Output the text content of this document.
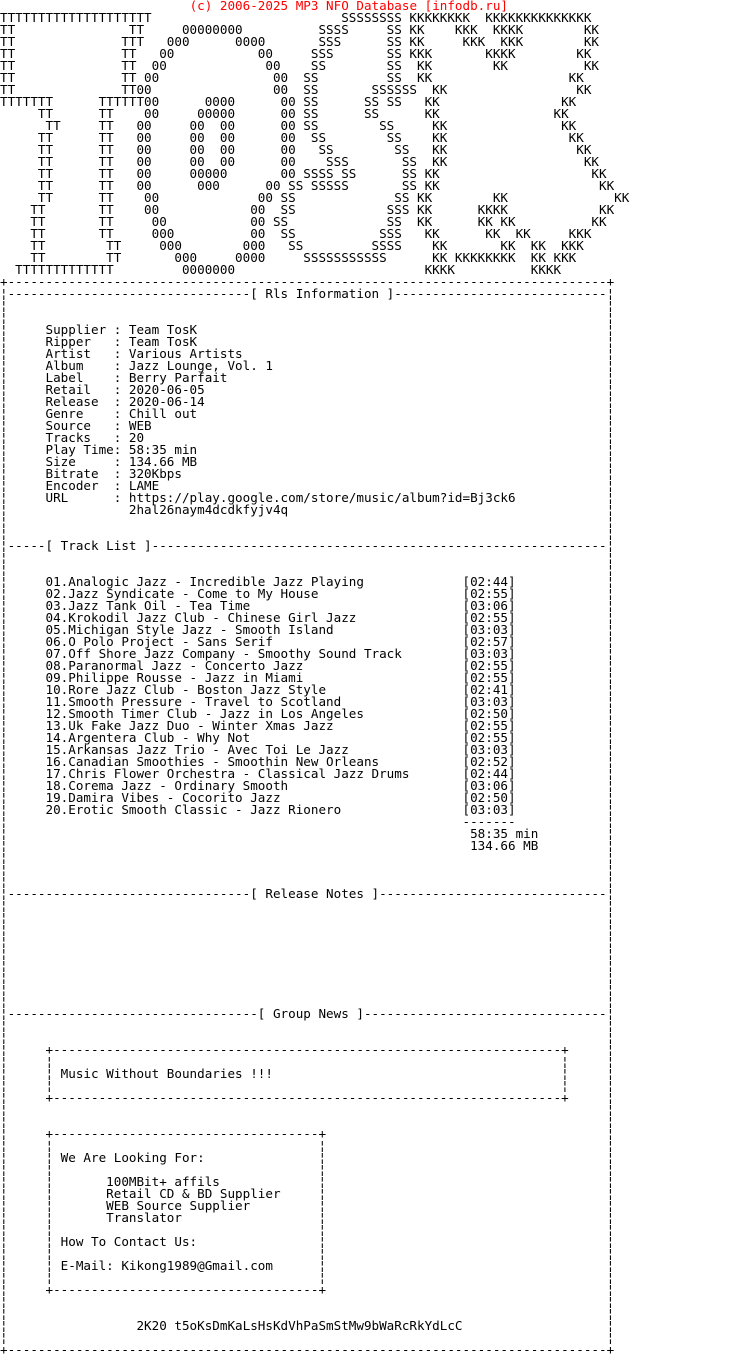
(c) 2006-2025 MP3 NFO Database [infodb.ru]
TTTTTTTTTTTTTTTTTTTT                         SSSSSSSS KKKKKKKK  KKKKKKKKKKKKKK
TT               TT     00000000          SSSS     SS KK    KKK  KKKK        KK
TT              TTT   000      0000       SSS      SS KK     KKK  KKK        KK
TT              TT   00           00     SSS       SS KKK       KKKK        KK
TT              TT  00             00    SS        SS  KK        KK          KK
TT              TT 00               00  SS         SS  KK                  KK
TT              TT00                00  SS       SSSSSS  KK                 KK
TTTTTTT      TTTTTT00      0000      00 SS      SS SS   KK                KK
TT      TT    00     00000      00 SS      SS      KK               KK
TT     TT   00     00  00      00 SS        SS     KK               KK
TT      TT   00     00  00      00  SS        SS    KK                KK
TT      TT   00     00  00      00   SS        SS   KK                 KK
TT      TT   00     00  00      00    SSS       SS  KK                  KK
TT      TT   00     00000       00 SSSS SS      SS KK                    KK
TT      TT   00      000      00 SS SSSSS       SS KK                     KK
TT      TT    00             00 SS             SS KK        KK              KK
TT       TT    00            00  SS            SSS KK      KKKK            KK
TT       TT     00           00 SS             SS  KK      KK KK          KK
TT       TT     000          00  SS           SSS   KK      KK  KK     KKK
TT        TT     000        000   SS         SSSS    KK       KK  KK  KKK
TT        TT       000     0000     SSSSSSSSSSS      KK KKKKKKKK  KK KKK
TTTTTTTTTTTTT         0000000                         KKKK          KKKK
+-------------------------------------------------------------------------------+
¦--------------------------------[ Rls Information ]----------------------------¦
¦                                                                               ¦
¦                                                                               ¦
¦     Supplier : Team TosK                                                      ¦
¦     Ripper   : Team TosK                                                      ¦
¦     Artist   : Various Artists                                                ¦
¦     Album    : Jazz Lounge, Vol. 1                                            ¦
¦     Label    : Berry Parfait                                                  ¦
¦     Retail   : 2020-06-05                                                     ¦
¦     Release  : 2020-06-14                                                     ¦
¦     Genre    : Chill out                                                      ¦
¦     Source   : WEB                                                            ¦
¦     Tracks   : 20                                                             ¦
¦     Play Time: 58:35 min                                                      ¦
¦     Size     : 134.66 MB                                                      ¦
¦     Bitrate  : 320Kbps                                                        ¦
¦     Encoder  : LAME                                                           ¦
¦     URL      : https://play.google.com/store/music/album?id=Bj3ck6            ¦
¦                2hal26naym4dcdkfyjv4q                                          ¦
¦                                                                               ¦
¦                                                                               ¦
¦-----[ Track List ]------------------------------------------------------------¦
¦                                                                               ¦
¦                                                                               ¦
¦     01.Analogic Jazz - Incredible Jazz Playing             [02:44]            ¦
¦     02.Jazz Syndicate - Come to My House                   [02:55]            ¦
¦     03.Jazz Tank Oil - Tea Time                            [03:06]            ¦
¦     04.Krokodil Jazz Club - Chinese Girl Jazz              [02:55]            ¦
¦     05.Michigan Style Jazz - Smooth Island                 [03:03]            ¦
¦     06.O Polo Project - Sans Serif                         [02:57]            ¦
¦     07.Off Shore Jazz Company - Smoothy Sound Track        [03:03]            ¦
¦     08.Paranormal Jazz - Concerto Jazz                     [02:55]            ¦
¦     09.Philippe Rousse - Jazz in Miami                     [02:55]            ¦
¦     10.Rore Jazz Club - Boston Jazz Style                  [02:41]            ¦
¦     11.Smooth Pressure - Travel to Scotland                [03:03]            ¦
¦     12.Smooth Timer Club - Jazz in Los Angeles             [02:50]            ¦
¦     13.Uk Fake Jazz Duo - Winter Xmas Jazz                 [02:55]            ¦
¦     14.Argentera Club - Why Not                            [02:55]            ¦
¦     15.Arkansas Jazz Trio - Avec Toi Le Jazz               [03:03]            ¦
¦     16.Canadian Smoothies - Smoothin New Orleans           [02:52]            ¦
¦     17.Chris Flower Orchestra - Classical Jazz Drums       [02:44]            ¦
¦     18.Corema Jazz - Ordinary Smooth                       [03:06]            ¦
¦     19.Damira Vibes - Cocorito Jazz                        [02:50]            ¦
¦     20.Erotic Smooth Classic - Jazz Rionero                [03:03]            ¦
¦                                                            -------            ¦
¦                                                             58:35 min         ¦
¦                                                             134.66 MB         ¦
¦                                                                               ¦
¦                                                                               ¦
¦                                                                               ¦
¦--------------------------------[ Release Notes ]------------------------------¦
¦                                                                               ¦
¦                                                                               ¦
¦                                                                               ¦
¦                                                                               ¦
¦                                                                               ¦
¦                                                                               ¦
¦                                                                               ¦
¦                                                                               ¦
¦                                                                               ¦
¦---------------------------------[ Group News ]--------------------------------¦
¦                                                                               ¦
¦                                                                               ¦
¦     +-------------------------------------------------------------------+     ¦
¦     ¦                                                                   ¦     ¦
¦     ¦ Music Without Boundaries !!!                                      ¦     ¦
¦     ¦                                                                   ¦     ¦
¦     +-------------------------------------------------------------------+     ¦
¦                                                                               ¦
¦                                                                               ¦
¦     +-----------------------------------+                                     ¦
¦     ¦                                   ¦                                     ¦
¦     ¦ We Are Looking For:               ¦                                     ¦
¦     ¦                                   ¦                                     ¦
¦     ¦       100MBit+ affils             ¦                                     ¦
¦     ¦       Retail CD & BD Supplier     ¦                                     ¦
¦     ¦       WEB Source Supplier         ¦                                     ¦
¦     ¦       Translator                  ¦                                     ¦
¦     ¦                                   ¦                                     ¦
¦     ¦ How To Contact Us:                ¦                                     ¦
¦     ¦                                   ¦                                     ¦
¦     ¦ E-Mail: Kikong1989@Gmail.com      ¦                                     ¦
¦     ¦                                   ¦                                     ¦
¦     +-----------------------------------+                                     ¦
¦                                                                               ¦
¦                                                                               ¦
¦                 2K20 t5oKsDmKaLsHsKdVhPaSmStMw9bWaRcRkYdLcC                   ¦
¦                                                                               ¦
+-------------------------------------------------------------------------------+
